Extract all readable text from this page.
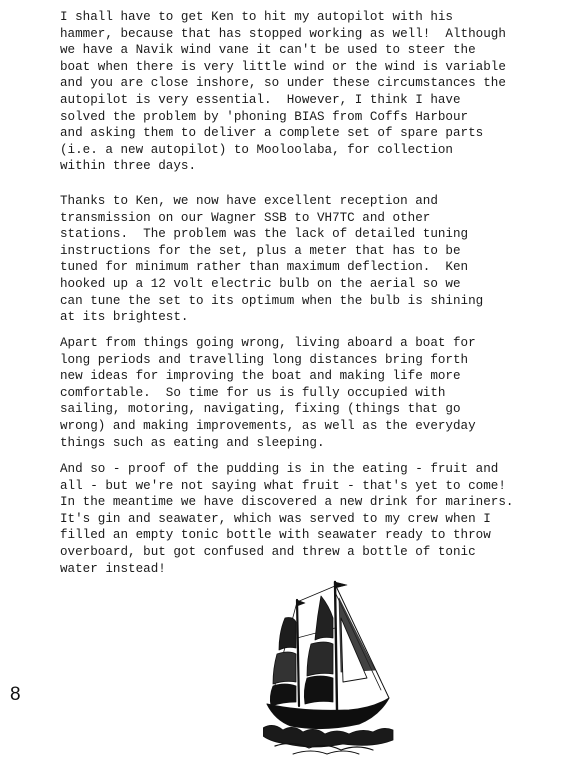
I shall have to get Ken to hit my autopilot with his
hammer, because that has stopped working as well!  Although
we have a Navik wind vane it can't be used to steer the
boat when there is very little wind or the wind is variable
and you are close inshore, so under these circumstances the
autopilot is very essential.  However, I think I have
solved the problem by 'phoning BIAS from Coffs Harbour
and asking them to deliver a complete set of spare parts
(i.e. a new autopilot) to Mooloolaba, for collection
within three days.
Thanks to Ken, we now have excellent reception and
transmission on our Wagner SSB to VH7TC and other
stations.  The problem was the lack of detailed tuning
instructions for the set, plus a meter that has to be
tuned for minimum rather than maximum deflection.  Ken
hooked up a 12 volt electric bulb on the aerial so we
can tune the set to its optimum when the bulb is shining
at its brightest.
Apart from things going wrong, living aboard a boat for
long periods and travelling long distances bring forth
new ideas for improving the boat and making life more
comfortable.  So time for us is fully occupied with
sailing, motoring, navigating, fixing (things that go
wrong) and making improvements, as well as the everyday
things such as eating and sleeping.
And so - proof of the pudding is in the eating - fruit and
all - but we're not saying what fruit - that's yet to come!
In the meantime we have discovered a new drink for mariners.
It's gin and seawater, which was served to my crew when I
filled an empty tonic bottle with seawater ready to throw
overboard, but got confused and threw a bottle of tonic
water instead!
8
